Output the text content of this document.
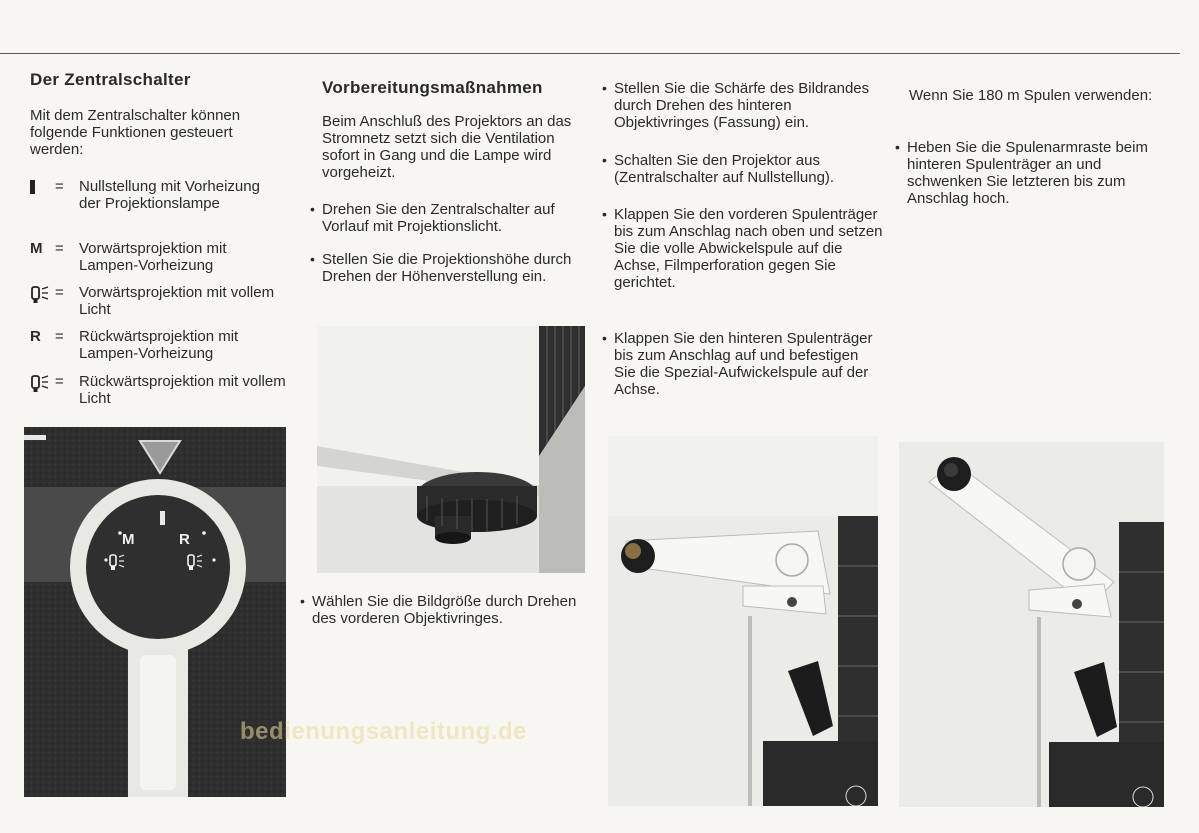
Der Zentralschalter

Mit dem Zentralschalter können folgende Funktionen gesteuert werden:

= Nullstellung mit Vorheizung der Projektionslampe
M = Vorwärtsprojektion mit Lampen-Vorheizung
= Vorwärtsprojektion mit vollem Licht
R = Rückwärtsprojektion mit Lampen-Vorheizung
= Rückwärtsprojektion mit vollem Licht
M	R
Vorbereitungsmaßnahmen

Beim Anschluß des Projektors an das Stromnetz setzt sich die Ventilation sofort in Gang und die Lampe wird vorgeheizt.

• Drehen Sie den Zentralschalter auf Vorlauf mit Projektionslicht.

• Stellen Sie die Projektionshöhe durch Drehen der Höhenverstellung ein.

• Wählen Sie die Bildgröße durch Drehen des vorderen Objektivringes.

• Stellen Sie die Schärfe des Bildrandes durch Drehen des hinteren Objektivringes (Fassung) ein.

• Schalten Sie den Projektor aus (Zentralschalter auf Nullstellung).

• Klappen Sie den vorderen Spulenträger bis zum Anschlag nach oben und setzen Sie die volle Abwickelspule auf die Achse, Filmperforation gegen Sie gerichtet.

• Klappen Sie den hinteren Spulenträger bis zum Anschlag auf und befestigen Sie die Spezial-Aufwickelspule auf der Achse.

Wenn Sie 180 m Spulen verwenden:

• Heben Sie die Spulenarmraste beim hinteren Spulenträger an und schwenken Sie letzteren bis zum Anschlag hoch.

bedienungsanleitung.de
